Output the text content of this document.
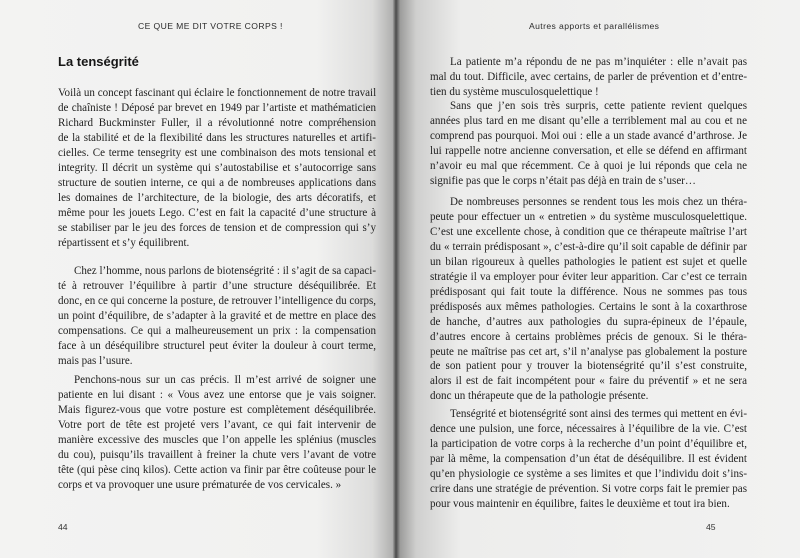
CE QUE ME DIT VOTRE CORPS !
La tenségrité
Voilà un concept fascinant qui éclaire le fonctionnement de notre travail
de chaîniste ! Déposé par brevet en 1949 par l’artiste et mathématicien
Richard Buckminster Fuller, il a révolutionné notre compréhension
de la stabilité et de la flexibilité dans les structures naturelles et artifi-
cielles. Ce terme tensegrity est une combinaison des mots tensional et
integrity. Il décrit un système qui s’autostabilise et s’autocorrige sans
structure de soutien interne, ce qui a de nombreuses applications dans
les domaines de l’architecture, de la biologie, des arts décoratifs, et
même pour les jouets Lego. C’est en fait la capacité d’une structure à
se stabiliser par le jeu des forces de tension et de compression qui s’y
répartissent et s’y équilibrent.
Chez l’homme, nous parlons de biotenségrité : il s’agit de sa capaci-
té à retrouver l’équilibre à partir d’une structure déséquilibrée. Et
donc, en ce qui concerne la posture, de retrouver l’intelligence du corps,
un point d’équilibre, de s’adapter à la gravité et de mettre en place des
compensations. Ce qui a malheureusement un prix : la compensation
face à un déséquilibre structurel peut éviter la douleur à court terme,
mais pas l’usure.
Penchons-nous sur un cas précis. Il m’est arrivé de soigner une
patiente en lui disant : « Vous avez une entorse que je vais soigner.
Mais figurez-vous que votre posture est complètement déséquilibrée.
Votre port de tête est projeté vers l’avant, ce qui fait intervenir de
manière excessive des muscles que l’on appelle les splénius (muscles
du cou), puisqu’ils travaillent à freiner la chute vers l’avant de votre
tête (qui pèse cinq kilos). Cette action va finir par être coûteuse pour le
corps et va provoquer une usure prématurée de vos cervicales. »
44
Autres apports et parallélismes
La patiente m’a répondu de ne pas m’inquiéter : elle n’avait pas
mal du tout. Difficile, avec certains, de parler de prévention et d’entre-
tien du système musculosquelettique !
Sans que j’en sois très surpris, cette patiente revient quelques
années plus tard en me disant qu’elle a terriblement mal au cou et ne
comprend pas pourquoi. Moi oui : elle a un stade avancé d’arthrose. Je
lui rappelle notre ancienne conversation, et elle se défend en affirmant
n’avoir eu mal que récemment. Ce à quoi je lui réponds que cela ne
signifie pas que le corps n’était pas déjà en train de s’user…
De nombreuses personnes se rendent tous les mois chez un théra-
peute pour effectuer un « entretien » du système musculosquelettique.
C’est une excellente chose, à condition que ce thérapeute maîtrise l’art
du « terrain prédisposant », c’est-à-dire qu’il soit capable de définir par
un bilan rigoureux à quelles pathologies le patient est sujet et quelle
stratégie il va employer pour éviter leur apparition. Car c’est ce terrain
prédisposant qui fait toute la différence. Nous ne sommes pas tous
prédisposés aux mêmes pathologies. Certains le sont à la coxarthrose
de hanche, d’autres aux pathologies du supra-épineux de l’épaule,
d’autres encore à certains problèmes précis de genoux. Si le théra-
peute ne maîtrise pas cet art, s’il n’analyse pas globalement la posture
de son patient pour y trouver la biotenségrité qu’il s’est construite,
alors il est de fait incompétent pour « faire du préventif » et ne sera
donc un thérapeute que de la pathologie présente.
Tenségrité et biotenségrité sont ainsi des termes qui mettent en évi-
dence une pulsion, une force, nécessaires à l’équilibre de la vie. C’est
la participation de votre corps à la recherche d’un point d’équilibre et,
par là même, la compensation d’un état de déséquilibre. Il est évident
qu’en physiologie ce système a ses limites et que l’individu doit s’ins-
crire dans une stratégie de prévention. Si votre corps fait le premier pas
pour vous maintenir en équilibre, faites le deuxième et tout ira bien.
45
